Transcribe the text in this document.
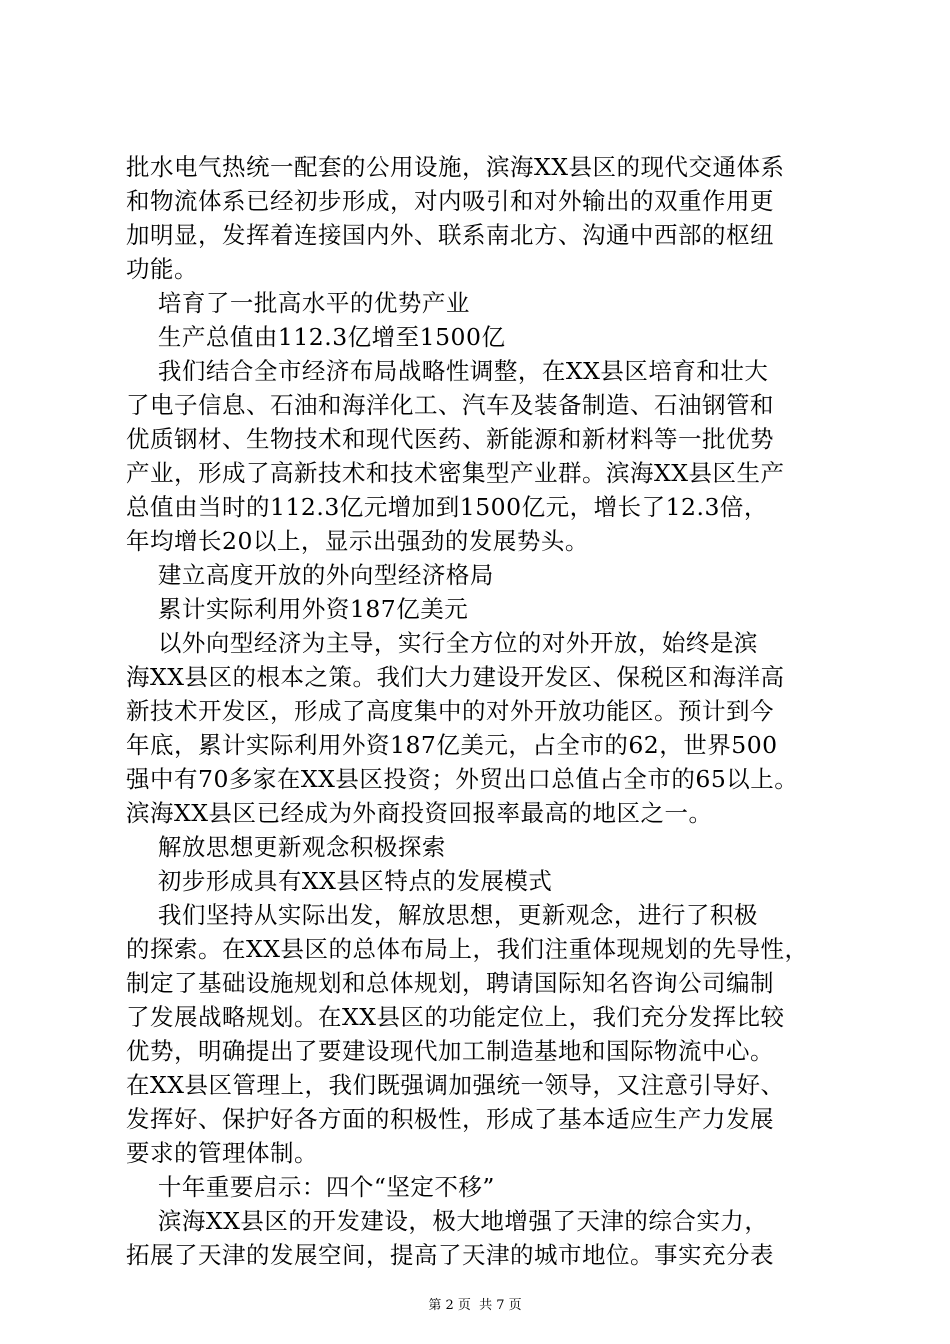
批水电气热统一配套的公用设施，滨海XX县区的现代交通体系
和物流体系已经初步形成，对内吸引和对外输出的双重作用更
加明显，发挥着连接国内外、联系南北方、沟通中西部的枢纽
功能。
培育了一批高水平的优势产业
生产总值由112.3亿增至1500亿
我们结合全市经济布局战略性调整，在XX县区培育和壮大
了电子信息、石油和海洋化工、汽车及装备制造、石油钢管和
优质钢材、生物技术和现代医药、新能源和新材料等一批优势
产业，形成了高新技术和技术密集型产业群。滨海XX县区生产
总值由当时的112.3亿元增加到1500亿元，增长了12.3倍，
年均增长20以上，显示出强劲的发展势头。
建立高度开放的外向型经济格局
累计实际利用外资187亿美元
以外向型经济为主导，实行全方位的对外开放，始终是滨
海XX县区的根本之策。我们大力建设开发区、保税区和海洋高
新技术开发区，形成了高度集中的对外开放功能区。预计到今
年底，累计实际利用外资187亿美元，占全市的62，世界500
强中有70多家在XX县区投资；外贸出口总值占全市的65以上。
滨海XX县区已经成为外商投资回报率最高的地区之一。
解放思想更新观念积极探索
初步形成具有XX县区特点的发展模式
我们坚持从实际出发，解放思想，更新观念，进行了积极
的探索。在XX县区的总体布局上，我们注重体现规划的先导性，
制定了基础设施规划和总体规划，聘请国际知名咨询公司编制
了发展战略规划。在XX县区的功能定位上，我们充分发挥比较
优势，明确提出了要建设现代加工制造基地和国际物流中心。
在XX县区管理上，我们既强调加强统一领导，又注意引导好、
发挥好、保护好各方面的积极性，形成了基本适应生产力发展
要求的管理体制。
十年重要启示：四个“坚定不移”
滨海XX县区的开发建设，极大地增强了天津的综合实力，
拓展了天津的发展空间，提高了天津的城市地位。事实充分表
第 2 页  共 7 页
